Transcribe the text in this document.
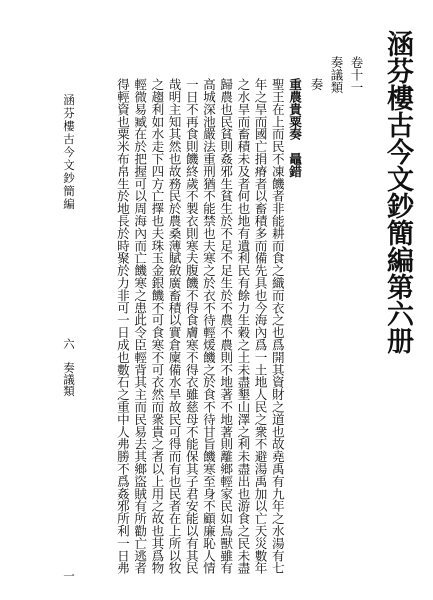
涵芬樓古今文鈔簡編第六册

卷十一

奏議類

奏

重農貴粟奏　鼂錯
聖王在上而民不凍饑者非能耕而食之織而衣之也爲開其資財之道也故堯禹有九年之水湯有七
年之旱而國亡捐瘠者以畜積多而備先具也今海內爲一土地人民之衆不避湯禹加以亡天災數年
之水旱而畜積未及者何也地有遺利民有餘力生穀之土未盡墾山澤之利未盡出也游食之民未盡
歸農也民貧則姦邪生貧生於不足不足生於不農不農則不地著不地著則離鄉輕家民如鳥獸雖有
高城深池嚴法重刑猶不能禁也夫寒之於衣不待輕煖饑之於食不待甘旨饑寒至身不顧廉恥人情
一日不再食則饑終歲不製衣則寒夫腹饑不得食膚寒不得衣雖慈母不能保其子君安能以有其民
哉明主知其然也故務民於農桑薄賦斂廣畜積以實倉廩備水旱故民可得而有也民者在上所以牧
之趨利如水走下四方亡擇也夫珠玉金銀饑不可食寒不可衣然而衆貴之者以上用之故也其爲物
輕微易臧在於把握可以周海內而亡饑寒之患此令臣輕背其主而民易去其鄉盜賊有所勸亡逃者
得輕資也粟米布帛生於地長於時聚於力非可一日成也數石之重中人弗勝不爲姦邪所利一日弗

涵芬樓古今文鈔簡編

六

奏議類

一
